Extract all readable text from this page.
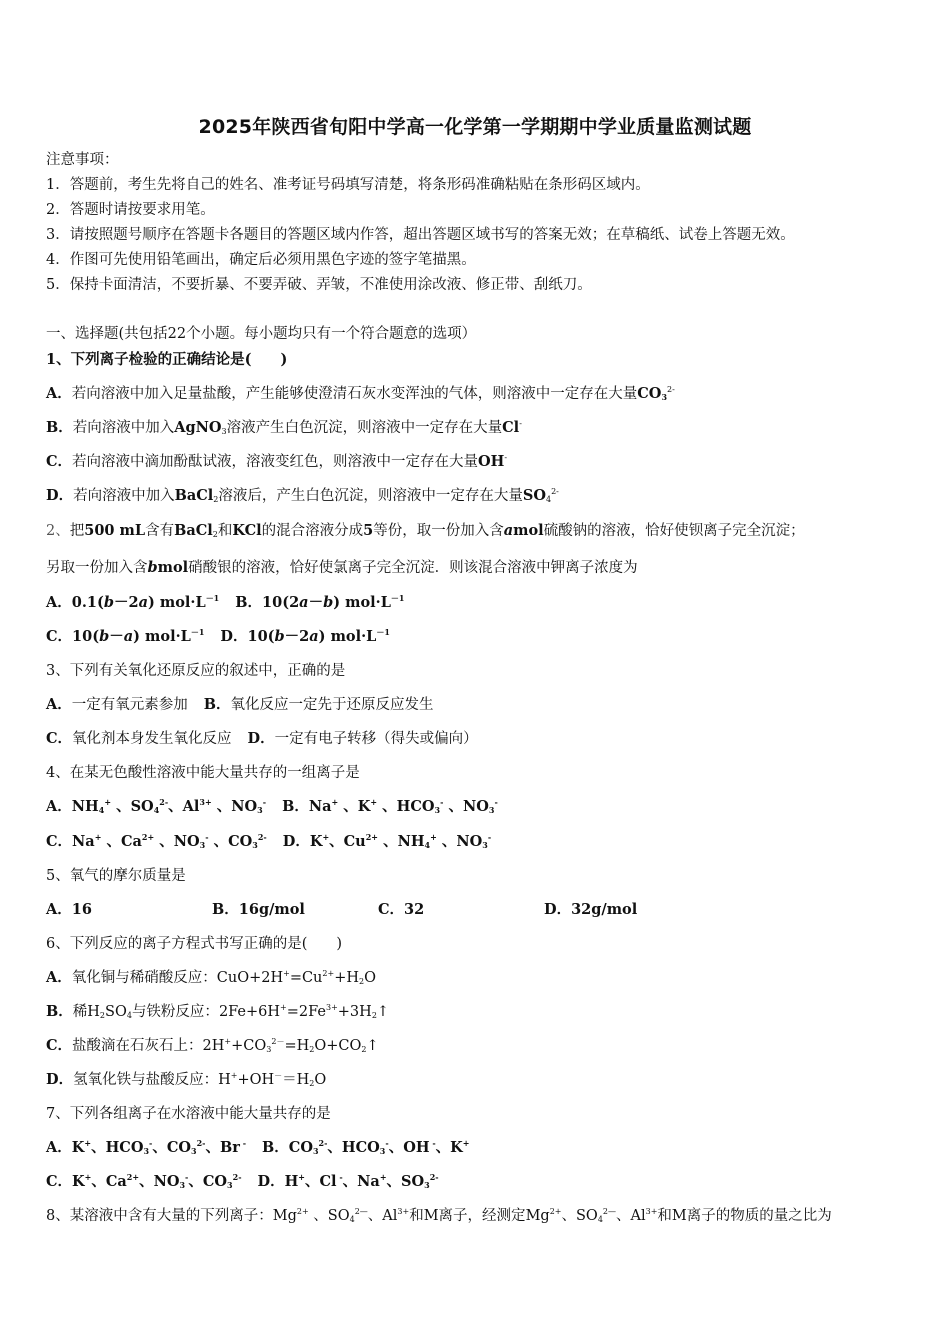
2025年陕西省旬阳中学高一化学第一学期期中学业质量监测试题
注意事项：
1．答题前，考生先将自己的姓名、准考证号码填写清楚，将条形码准确粘贴在条形码区域内。
2．答题时请按要求用笔。
3．请按照题号顺序在答题卡各题目的答题区域内作答，超出答题区域书写的答案无效；在草稿纸、试卷上答题无效。
4．作图可先使用铅笔画出，确定后必须用黑色字迹的签字笔描黑。
5．保持卡面清洁，不要折暴、不要弄破、弄皱，不准使用涂改液、修正带、刮纸刀。
一、选择题(共包括22个小题。每小题均只有一个符合题意的选项）
1、下列离子检验的正确结论是(　　)
A．若向溶液中加入足量盐酸，产生能够使澄清石灰水变浑浊的气体，则溶液中一定存在大量$CO_3^{2-}$
B．若向溶液中加入AgNO$_3$溶液产生白色沉淀，则溶液中一定存在大量Cl-
C．若向溶液中滴加酚酞试液，溶液变红色，则溶液中一定存在大量OH-
D．若向溶液中加入BaCl$_2$溶液后，产生白色沉淀，则溶液中一定存在大量$SO_4^{2-}$
2、把500 mL含有BaCl$_2$和KCl的混合溶液分成5等份，取一份加入含amol硫酸钠的溶液，恰好使钡离子完全沉淀；
另取一份加入含bmol硝酸银的溶液，恰好使氯离子完全沉淀．则该混合溶液中钾离子浓度为
A．0.1(b－2a) $mol\cdot L^{-1}$ B．10(2a－b) $mol\cdot L^{-1}$
C．10(b－a) $mol\cdot L^{-1}$ D．10(b－2a) $mol\cdot L^{-1}$
3、下列有关氧化还原反应的叙述中，正确的是
A．一定有氧元素参加 B．氧化反应一定先于还原反应发生
C．氧化剂本身发生氧化反应 D．一定有电子转移（得失或偏向）
4、在某无色酸性溶液中能大量共存的一组离子是
A．$NH_4^+$ 、$SO_4^{2-}$、$Al^{3+}$ 、$NO_3^-$ B．Na+ 、K+ 、$HCO_3^-$ 、$NO_3^-$
C．Na+ 、$Ca^{2+}$ 、$NO_3^-$ 、$CO_3^{2-}$ D．K+、$Cu^{2+}$ 、$NH_4^+$ 、$NO_3^-$
5、氧气的摩尔质量是
A．16	B．16g/mol	C．32	D．32g/mol
6、下列反应的离子方程式书写正确的是(　　)
A．氧化铜与稀硝酸反应：$CuO+2H^+=Cu^{2+}+H_2O$
B．稀$H_2SO_4$与铁粉反应：$2Fe+6H^+=2Fe^{3+}+3H_2↑$
C．盐酸滴在石灰石上：$2H^++CO_3^{2-}=H_2O+CO_2↑$
D．氢氧化铁与盐酸反应：$H^++OH^-=H_2O$
7、下列各组离子在水溶液中能大量共存的是
A．K+、$HCO_3^-$、$CO_3^{2-}$、Br - B．$CO_3^{2-}$、$HCO_3^-$、OH -、K+
C．K+、$Ca^{2+}$、$NO_3^-$、$CO_3^{2-}$ D．H+、Cl -、Na+、$SO_3^{2-}$
8、某溶液中含有大量的下列离子：$Mg^{2+}$ 、$SO_4^{2—}$、$Al^{3+}$和M离子，经测定$Mg^{2+}$、$SO_4^{2—}$、$Al^{3+}$和M离子的物质的量之比为
